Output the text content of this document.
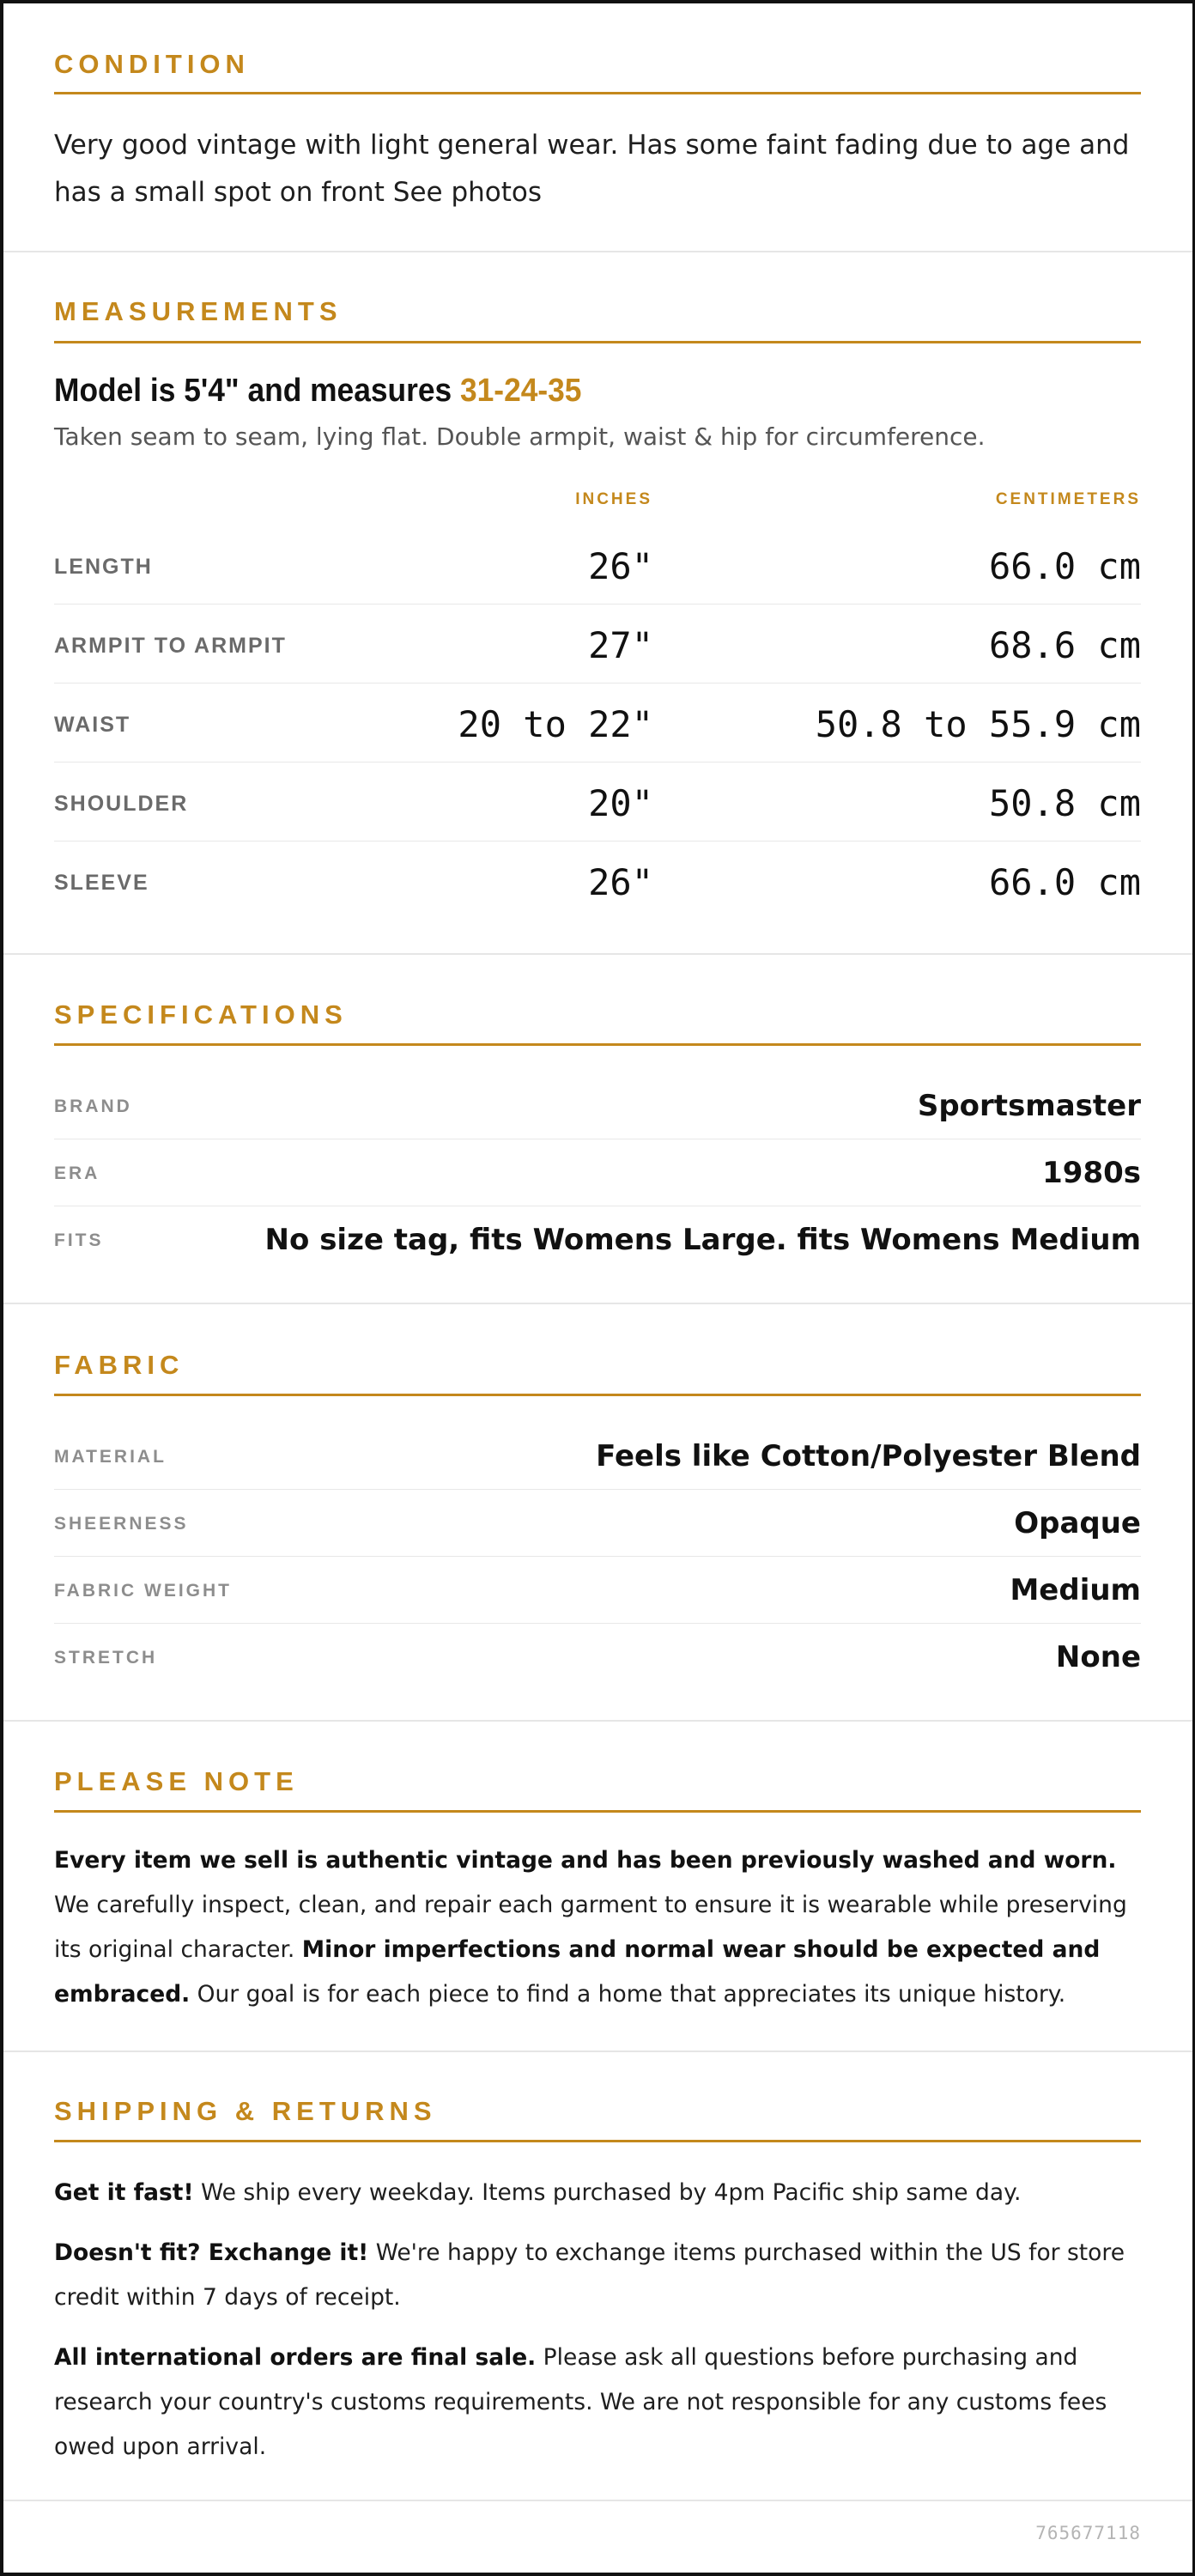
CONDITION
Very good vintage with light general wear. Has some faint fading due to age and has a small spot on front See photos
MEASUREMENTS
Model is 5'4" and measures 31-24-35
Taken seam to seam, lying flat. Double armpit, waist & hip for circumference.
INCHES	CENTIMETERS
LENGTH	26"	66.0 cm
ARMPIT TO ARMPIT	27"	68.6 cm
WAIST	20 to 22"	50.8 to 55.9 cm
SHOULDER	20"	50.8 cm
SLEEVE	26"	66.0 cm
SPECIFICATIONS
BRAND	Sportsmaster
ERA	1980s
FITS	No size tag, fits Womens Large. fits Womens Medium
FABRIC
MATERIAL	Feels like Cotton/Polyester Blend
SHEERNESS	Opaque
FABRIC WEIGHT	Medium
STRETCH	None
PLEASE NOTE
Every item we sell is authentic vintage and has been previously washed and worn. We carefully inspect, clean, and repair each garment to ensure it is wearable while preserving its original character. Minor imperfections and normal wear should be expected and embraced. Our goal is for each piece to find a home that appreciates its unique history.
SHIPPING & RETURNS
Get it fast! We ship every weekday. Items purchased by 4pm Pacific ship same day.
Doesn't fit? Exchange it! We're happy to exchange items purchased within the US for store credit within 7 days of receipt.
All international orders are final sale. Please ask all questions before purchasing and research your country's customs requirements. We are not responsible for any customs fees owed upon arrival.
765677118
